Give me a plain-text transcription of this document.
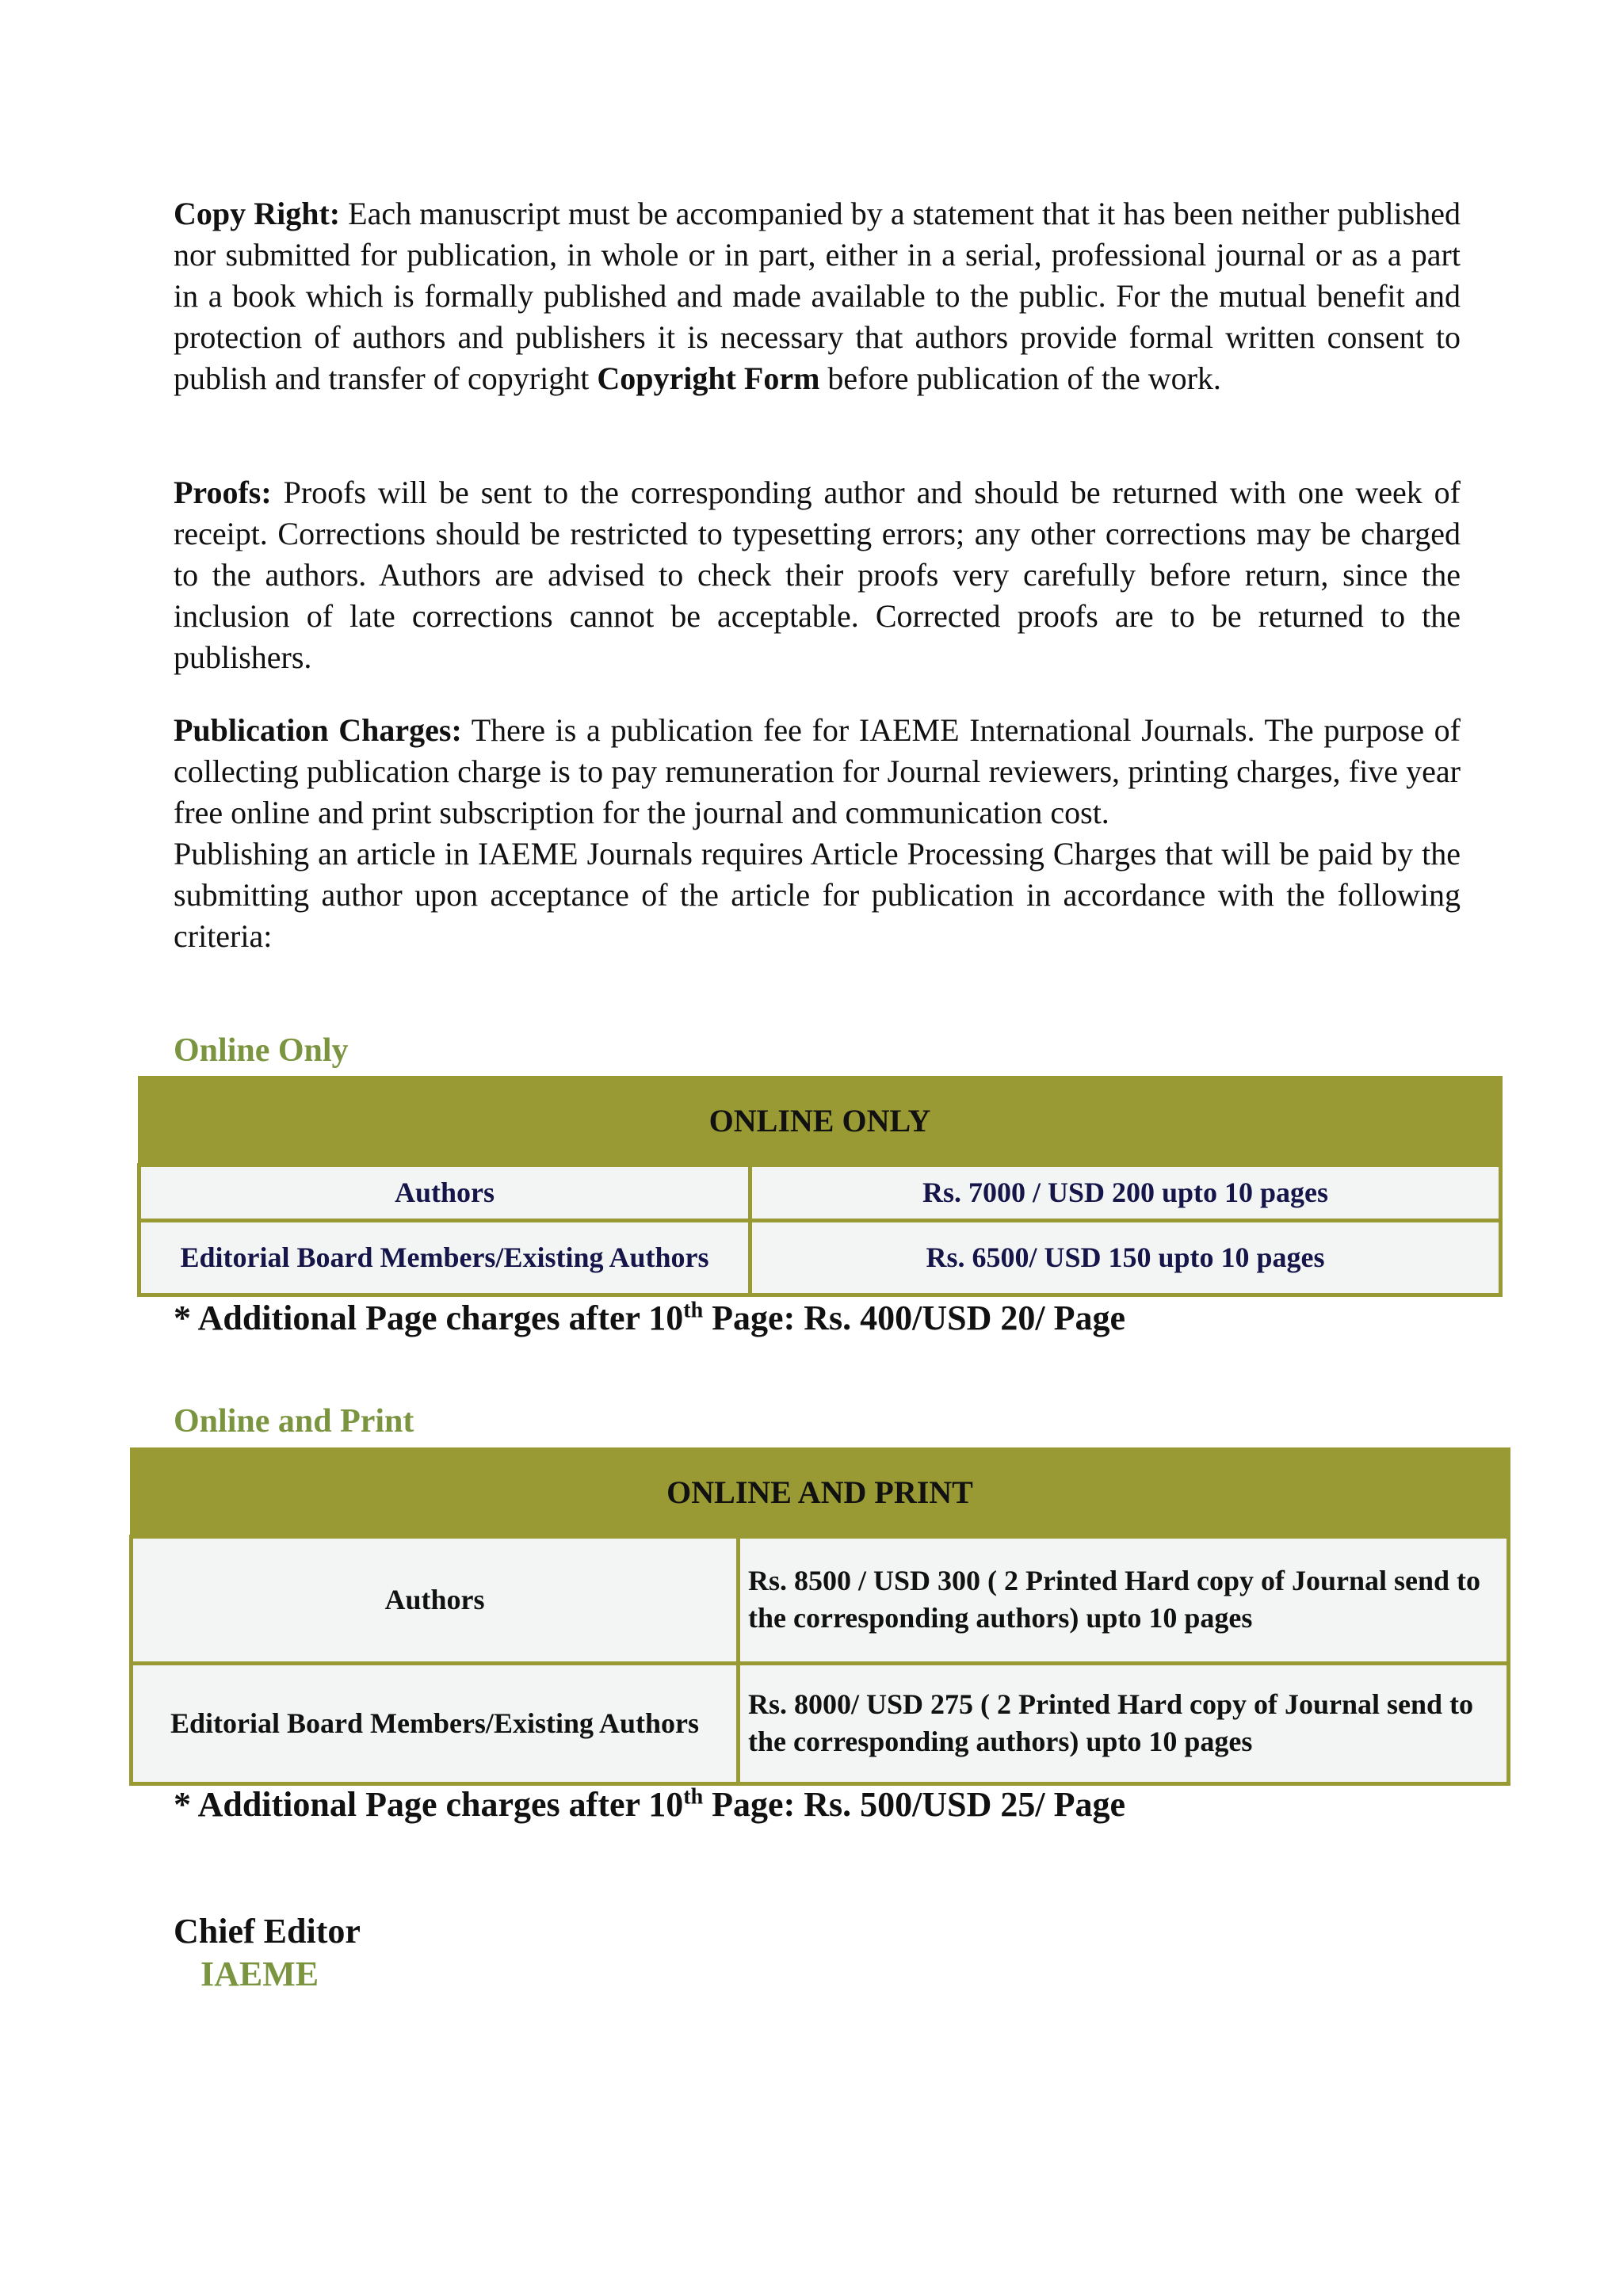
Copy Right: Each manuscript must be accompanied by a statement that it has been neither published nor submitted for publication, in whole or in part, either in a serial, professional journal or as a part in a book which is formally published and made available to the public. For the mutual benefit and protection of authors and publishers it is necessary that authors provide formal written consent to publish and transfer of copyright Copyright Form before publication of the work.

Proofs: Proofs will be sent to the corresponding author and should be returned with one week of receipt. Corrections should be restricted to typesetting errors; any other corrections may be charged to the authors. Authors are advised to check their proofs very carefully before return, since the inclusion of late corrections cannot be acceptable. Corrected proofs are to be returned to the publishers.

Publication Charges: There is a publication fee for IAEME International Journals. The purpose of collecting publication charge is to pay remuneration for Journal reviewers, printing charges, five year free online and print subscription for the journal and communication cost.
Publishing an article in IAEME Journals requires Article Processing Charges that will be paid by the submitting author upon acceptance of the article for publication in accordance with the following criteria:

Online Only

ONLINE ONLY	
Authors	Rs. 7000 / USD 200 upto 10 pages
Editorial Board Members/Existing Authors	Rs. 6500/ USD 150 upto 10 pages

* Additional Page charges after 10th Page: Rs. 400/USD 20/ Page

Online and Print

ONLINE AND PRINT	
Authors	Rs. 8500 / USD 300 ( 2 Printed Hard copy of Journal send to the corresponding authors) upto 10 pages
Editorial Board Members/Existing Authors	Rs. 8000/ USD 275 ( 2 Printed Hard copy of Journal send to the corresponding authors) upto 10 pages

* Additional Page charges after 10th Page: Rs. 500/USD 25/ Page

Chief Editor

IAEME
